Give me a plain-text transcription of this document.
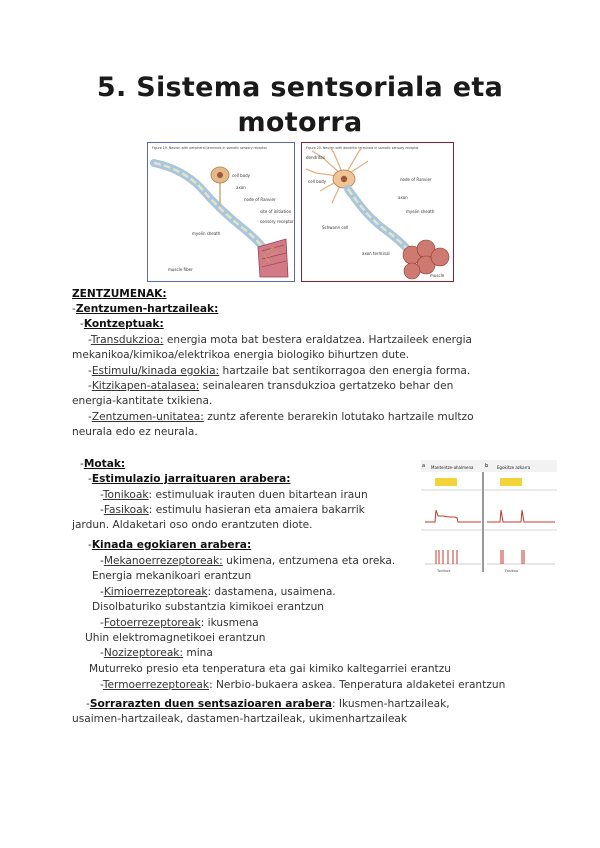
5. Sistema sentsoriala eta
motorra
Figure 19. Neuron with peripheral terminals in somatic sensory receptor
cell body
axon
node of Ranvier
site of initiation
myelin sheath
sensory receptor
muscle fiber
Figure 20. Neuron with dendritic terminals in somatic sensory receptor
dendrites
cell body	node of Ranvier
axon
myelin sheath
Schwann cell
axon terminal
muscle
ZENTZUMENAK:
-Zentzumen-hartzaileak:
-Kontzeptuak:
-Transdukzioa: energia mota bat bestera eraldatzea. Hartzaileek energia
mekanikoa/kimikoa/elektrikoa energia biologiko bihurtzen dute.
-Estimulu/kinada egokia: hartzaile bat sentikorragoa den energia forma.
-Kitzikapen-atalasea: seinalearen transdukzioa gertatzeko behar den
energia-kantitate txikiena.
-Zentzumen-unitatea: zuntz aferente berarekin lotutako hartzaile multzo
neurala edo ez neurala.
-Motak:
-Estimulazio jarraituaren arabera:
-Tonikoak: estimuluak irauten duen bitartean iraun
-Fasikoak: estimulu hasieran eta amaiera bakarrik
jardun. Aldaketari oso ondo erantzuten diote.
-Kinada egokiaren arabera:
-Mekanoerrezeptoreak: ukimena, entzumena eta oreka.
Energia mekanikoari erantzun
-Kimioerrezeptoreak: dastamena, usaimena.
Disolbaturiko substantzia kimikoei erantzun
-Fotoerrezeptoreak: ikusmena
Uhin elektromagnetikoei erantzun
-Nozizeptoreak: mina
Muturreko presio eta tenperatura eta gai kimiko kaltegarriei erantzu
-Termoerrezeptoreak: Nerbio-bukaera askea. Tenperatura aldaketei erantzun
-Sorrarazten duen sentsazioaren arabera: Ikusmen-hartzaileak,
usaimen-hartzaileak, dastamen-hartzaileak, ukimenhartzaileak
a	b
Mantentze-ahalmena	Egokitze azkarra
Tonikoa	Fasikoa
